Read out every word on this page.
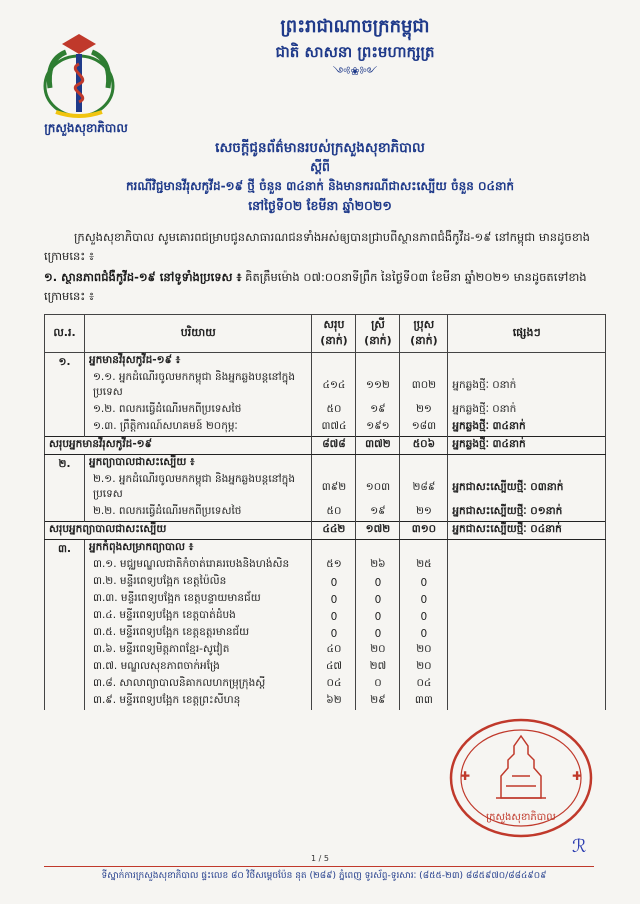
ក្រសួងសុខាភិបាល
ព្រះរាជាណាចក្រកម្ពុជា
ជាតិ សាសនា ព្រះមហាក្សត្រ
༺❀༻
សេចក្តីជូនព័ត៌មានរបស់ក្រសួងសុខាភិបាល
ស្តីពី
ករណីវិជ្ជមានវីរុសកូវីដ-១៩ ថ្មី ចំនួន ៣៤នាក់ និងមានករណីជាសះស្បើយ ចំនួន ០៤នាក់
នៅថ្ងៃទី០២ ខែមីនា ឆ្នាំ២០២១

ក្រសួងសុខាភិបាល សូមគោរពជម្រាបជូនសាធារណជនទាំងអស់ឲ្យបានជ្រាបពីស្ថានភាពជំងឺកូវីដ-១៩ នៅកម្ពុជា មានដូចខាងក្រោមនេះ ៖

១. ស្ថានភាពជំងឺកូវីដ-១៩ នៅទូទាំងប្រទេស ៖ គិតត្រឹមម៉ោង ០៧:០០នាទីព្រឹក នៃថ្ងៃទី០៣ ខែមីនា ឆ្នាំ២០២១ មានដូចតទៅខាងក្រោមនេះ ៖
ល.រ.	បរិយាយ	សរុប (នាក់)	ស្រី (នាក់)	ប្រុស (នាក់)	ផ្សេងៗ
១.	អ្នកមានវីរុសកូវីដ-១៩ ៖				
	១.១. អ្នកដំណើរចូលមកកម្ពុជា និងអ្នកឆ្លងបន្តនៅក្នុងប្រទេស	៤១៤	១១២	៣០២	អ្នកឆ្លងថ្មីៈ ០នាក់
	១.២. ពលករធ្វើដំណើរមកពីប្រទេសថៃ	៥០	១៩	២១	អ្នកឆ្លងថ្មីៈ ០នាក់
	១.៣. ព្រឹត្តិការណ៍សហគមន៍ ២០កុម្ភៈ	៣៧៤	១៩១	១៨៣	អ្នកឆ្លងថ្មីៈ ៣៤នាក់
សរុបអ្នកមានវីរុសកូវីដ-១៩		៨៧៨	៣៧២	៥០៦	អ្នកឆ្លងថ្មីៈ ៣៤នាក់
២.	អ្នកព្យាបាលជាសះស្បើយ ៖				
	២.១. អ្នកដំណើរចូលមកកម្ពុជា និងអ្នកឆ្លងបន្តនៅក្នុងប្រទេស	៣៩២	១០៣	២៨៩	អ្នកជាសះស្បើយថ្មីៈ ០៣នាក់
	២.២. ពលករធ្វើដំណើរមកពីប្រទេសថៃ	៥០	១៩	២១	អ្នកជាសះស្បើយថ្មីៈ ០១នាក់
សរុបអ្នកព្យាបាលជាសះស្បើយ		៤៤២	១៧២	៣១០	អ្នកជាសះស្បើយថ្មីៈ ០៤នាក់
៣.	អ្នកកំពុងសម្រាកព្យាបាល ៖				
	៣.១. មជ្ឈមណ្ឌលជាតិកំចាត់រោគរបេងនិងហង់សិន	៥១	២៦	២៥	
	៣.២. មន្ទីរពេទ្យបង្អែក ខេត្តប៉ៃលិន	0	0	0	
	៣.៣. មន្ទីរពេទ្យបង្អែក ខេត្តបន្ទាយមានជ័យ	0	0	0	
	៣.៤. មន្ទីរពេទ្យបង្អែក ខេត្តបាត់ដំបង	0	0	0	
	៣.៥. មន្ទីរពេទ្យបង្អែក ខេត្តឧត្តរមានជ័យ	0	0	0	
	៣.៦. មន្ទីរពេទ្យមិត្តភាពខ្មែរ-សូវៀត	៤០	២០	២០	
	៣.៧. មណ្ឌលសុខភាពចាក់អង្រែ	៤៧	២៧	២០	
	៣.៨. សាលាព្យាបាលនិគាកលហកម្រុក្រុងស្តី	០៤	០	០៤	
	៣.៩. មន្ទីរពេទ្យបង្អែក ខេត្តព្រះសីហនុ	៦២	២៩	៣៣	
✚	✚
ក្រសួងសុខាភិបាល
ℛ
1 / 5
ទីស្នាក់ការក្រសួងសុខាភិបាល ផ្ទះលេខ ៨០ វិថីសម្តេចប៉ែន នុត (២៨៩) ភ្នំពេញ ទូរស័ព្ទ-ទូរសារៈ (៨៥៥-២៣) ៨៨៥៩៧០/៨៨៤៩០៩
